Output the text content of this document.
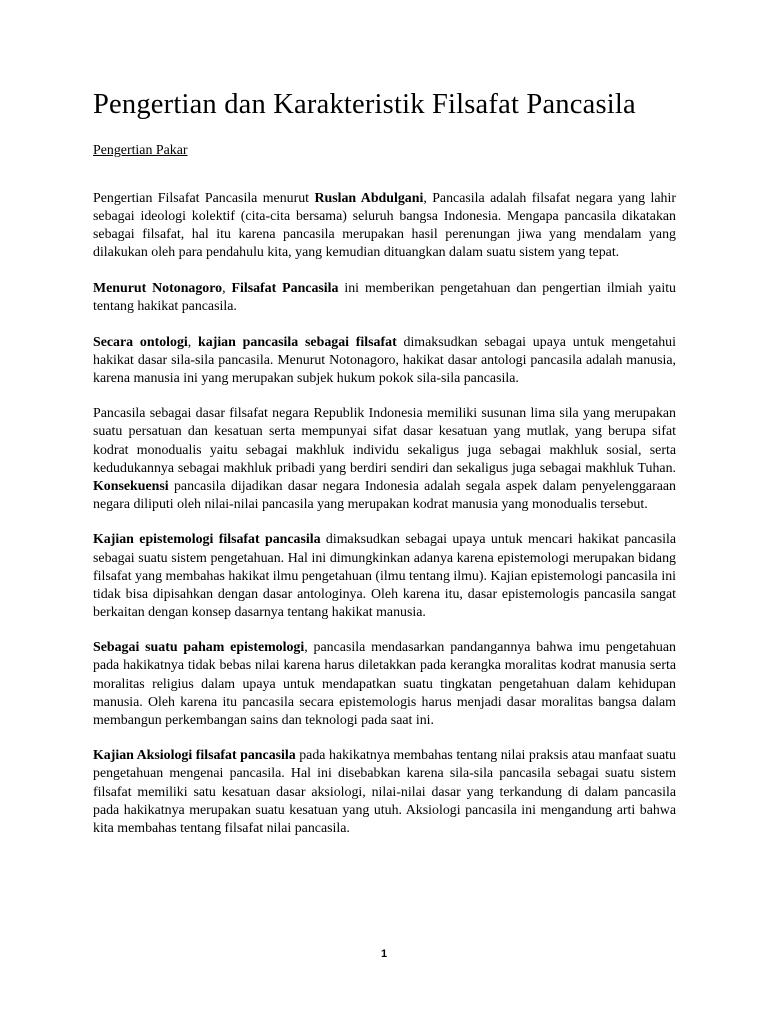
Pengertian dan Karakteristik Filsafat Pancasila
Pengertian Pakar

Pengertian Filsafat Pancasila menurut Ruslan Abdulgani, Pancasila adalah filsafat negara yang lahir sebagai ideologi kolektif (cita-cita bersama) seluruh bangsa Indonesia. Mengapa pancasila dikatakan sebagai filsafat, hal itu karena pancasila merupakan hasil perenungan jiwa yang mendalam yang dilakukan oleh para pendahulu kita, yang kemudian dituangkan dalam suatu sistem yang tepat.

Menurut Notonagoro, Filsafat Pancasila ini memberikan pengetahuan dan pengertian ilmiah yaitu tentang hakikat pancasila.

Secara ontologi, kajian pancasila sebagai filsafat dimaksudkan sebagai upaya untuk mengetahui hakikat dasar sila-sila pancasila. Menurut Notonagoro, hakikat dasar antologi pancasila adalah manusia, karena manusia ini yang merupakan subjek hukum pokok sila-sila pancasila.

Pancasila sebagai dasar filsafat negara Republik Indonesia memiliki susunan lima sila yang merupakan suatu persatuan dan kesatuan serta mempunyai sifat dasar kesatuan yang mutlak, yang berupa sifat kodrat monodualis yaitu sebagai makhluk individu sekaligus juga sebagai makhluk sosial, serta kedudukannya sebagai makhluk pribadi yang berdiri sendiri dan sekaligus juga sebagai makhluk Tuhan. Konsekuensi pancasila dijadikan dasar negara Indonesia adalah segala aspek dalam penyelenggaraan negara diliputi oleh nilai-nilai pancasila yang merupakan kodrat manusia yang monodualis tersebut.

Kajian epistemologi filsafat pancasila dimaksudkan sebagai upaya untuk mencari hakikat pancasila sebagai suatu sistem pengetahuan. Hal ini dimungkinkan adanya karena epistemologi merupakan bidang filsafat yang membahas hakikat ilmu pengetahuan (ilmu tentang ilmu). Kajian epistemologi pancasila ini tidak bisa dipisahkan dengan dasar antologinya. Oleh karena itu, dasar epistemologis pancasila sangat berkaitan dengan konsep dasarnya tentang hakikat manusia.

Sebagai suatu paham epistemologi, pancasila mendasarkan pandangannya bahwa imu pengetahuan pada hakikatnya tidak bebas nilai karena harus diletakkan pada kerangka moralitas kodrat manusia serta moralitas religius dalam upaya untuk mendapatkan suatu tingkatan pengetahuan dalam kehidupan manusia. Oleh karena itu pancasila secara epistemologis harus menjadi dasar moralitas bangsa dalam membangun perkembangan sains dan teknologi pada saat ini.

Kajian Aksiologi filsafat pancasila pada hakikatnya membahas tentang nilai praksis atau manfaat suatu pengetahuan mengenai pancasila. Hal ini disebabkan karena sila-sila pancasila sebagai suatu sistem filsafat memiliki satu kesatuan dasar aksiologi, nilai-nilai dasar yang terkandung di dalam pancasila pada hakikatnya merupakan suatu kesatuan yang utuh. Aksiologi pancasila ini mengandung arti bahwa kita membahas tentang filsafat nilai pancasila.

1
